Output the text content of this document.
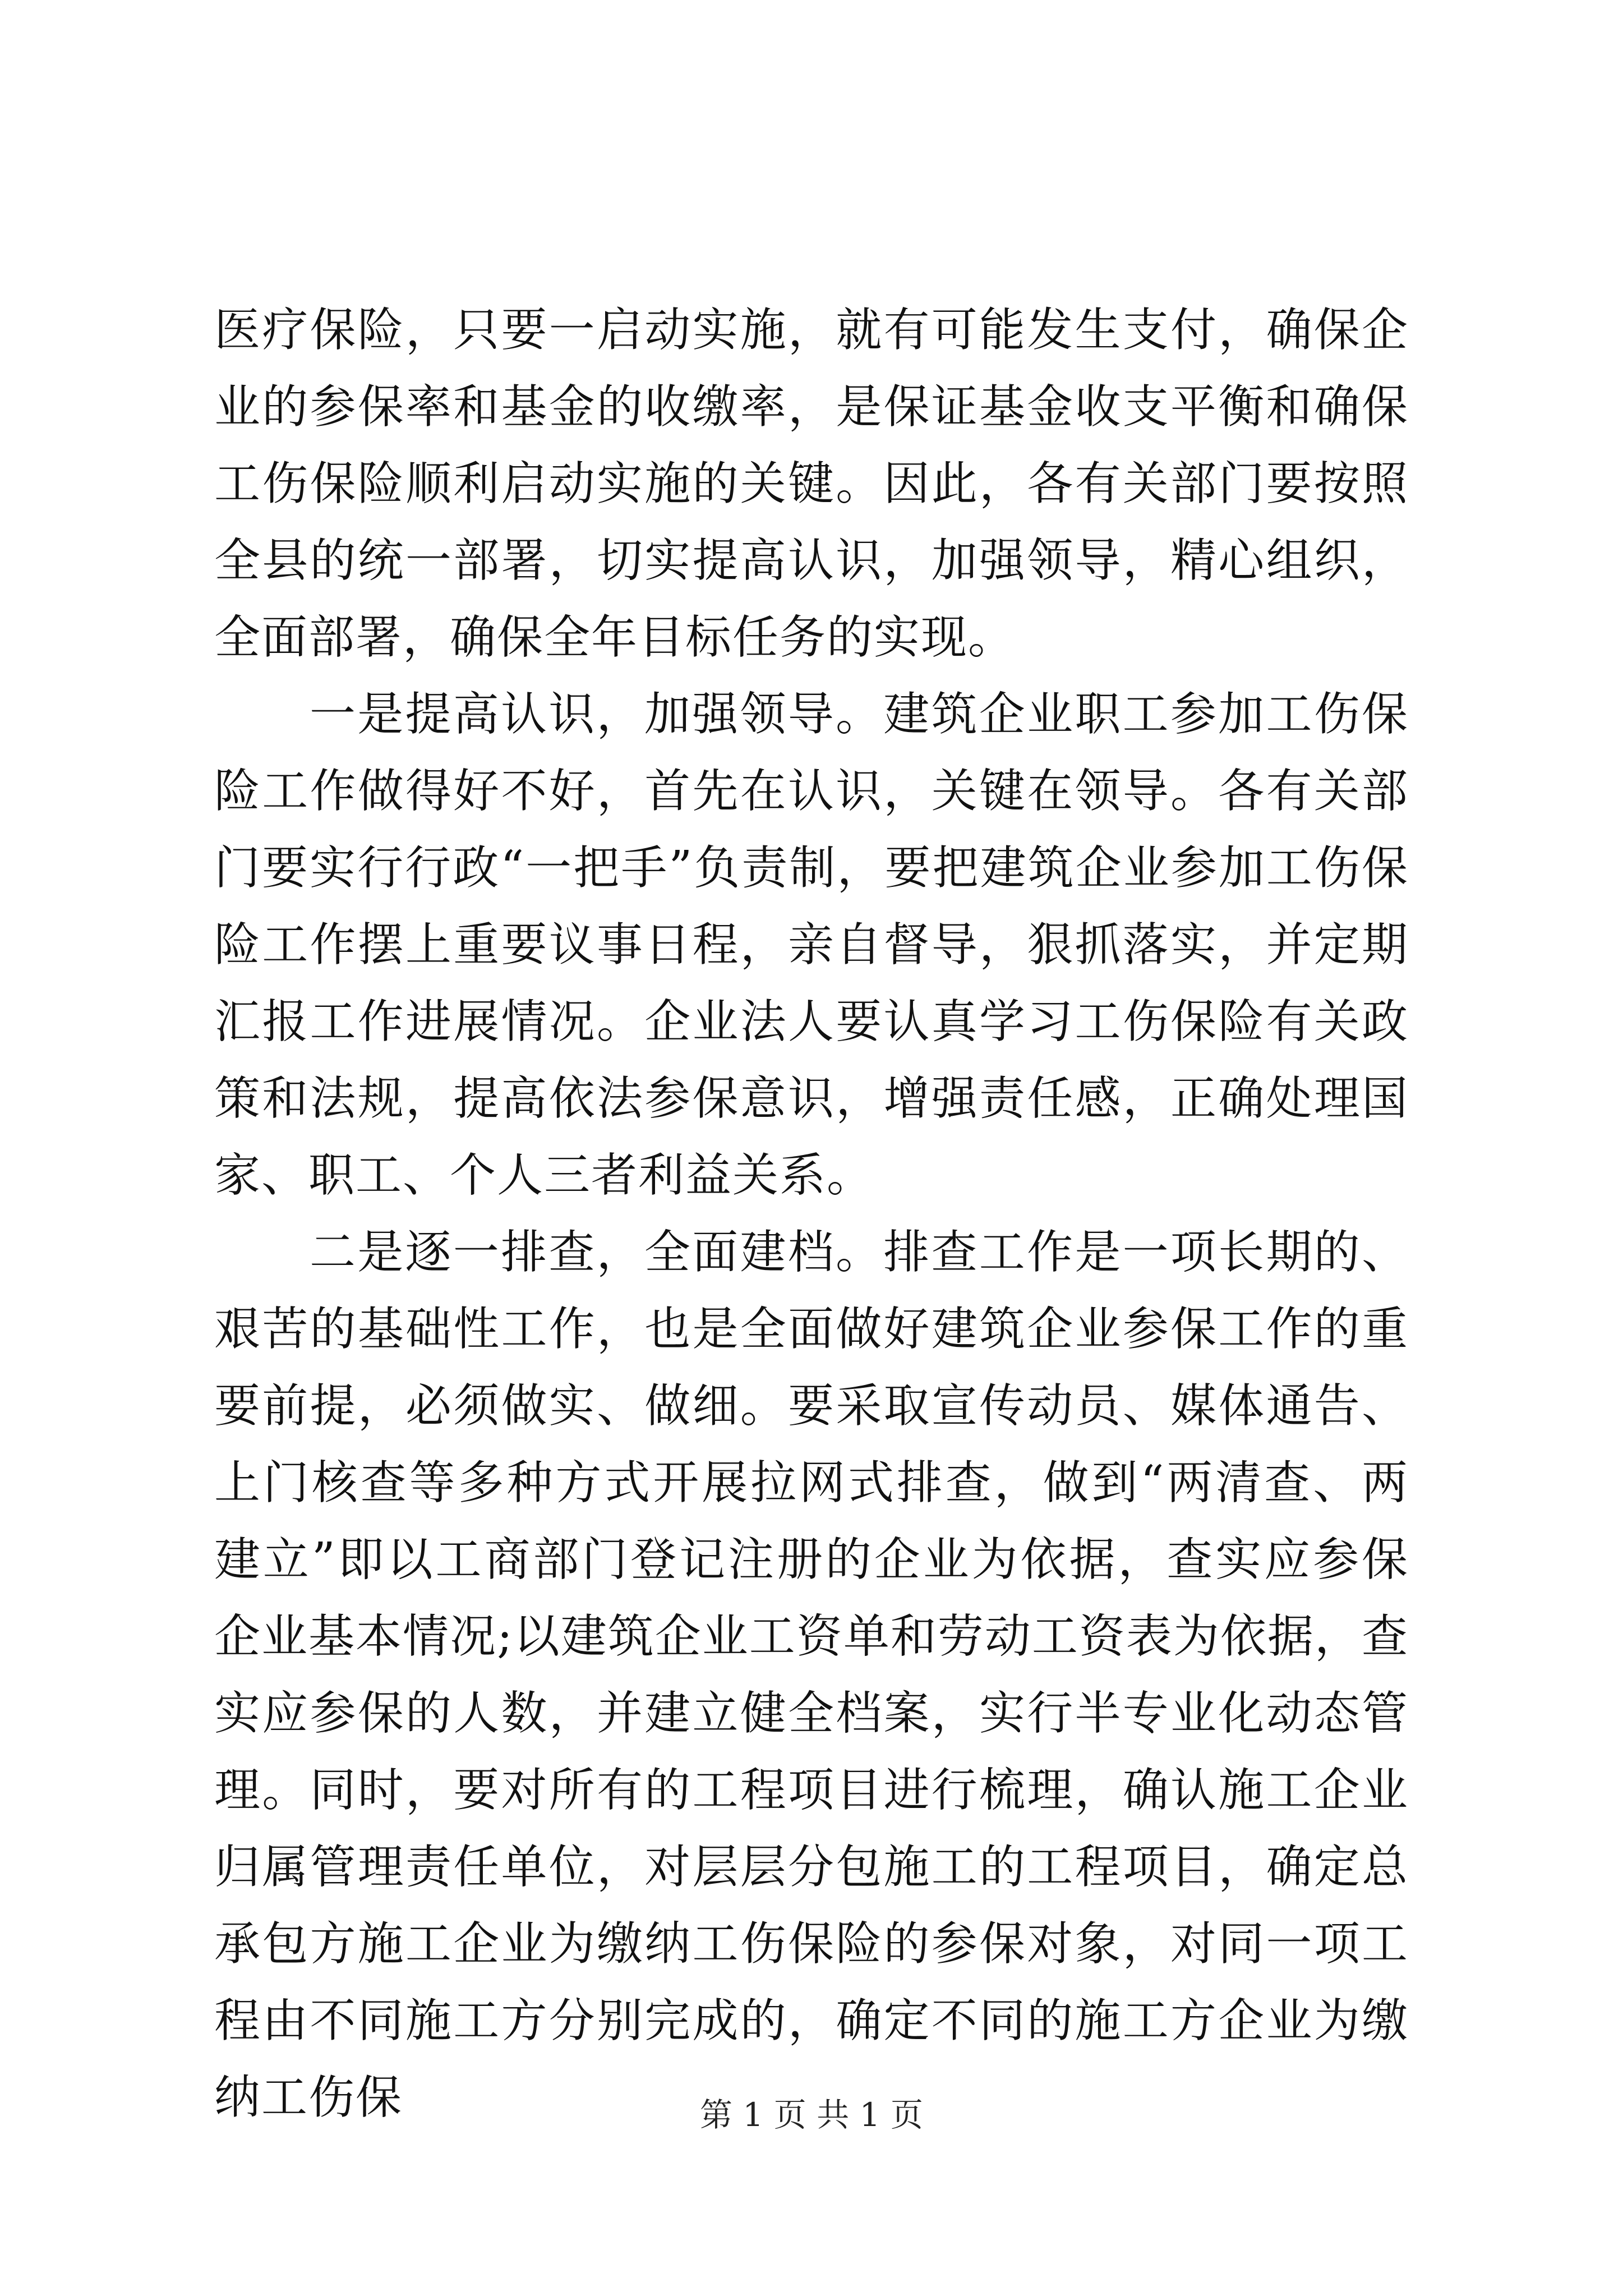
医疗保险，只要一启动实施，就有可能发生支付，确保企业的参保率和基金的收缴率，是保证基金收支平衡和确保工伤保险顺利启动实施的关键。因此，各有关部门要按照全县的统一部署，切实提高认识，加强领导，精心组织，全面部署，确保全年目标任务的实现。

一是提高认识，加强领导。建筑企业职工参加工伤保险工作做得好不好，首先在认识，关键在领导。各有关部门要实行行政“一把手”负责制，要把建筑企业参加工伤保险工作摆上重要议事日程，亲自督导，狠抓落实，并定期汇报工作进展情况。企业法人要认真学习工伤保险有关政策和法规，提高依法参保意识，增强责任感，正确处理国家、职工、个人三者利益关系。

二是逐一排查，全面建档。排查工作是一项长期的、艰苦的基础性工作，也是全面做好建筑企业参保工作的重要前提，必须做实、做细。要采取宣传动员、媒体通告、上门核查等多种方式开展拉网式排查，做到“两清查、两建立”即以工商部门登记注册的企业为依据，查实应参保企业基本情况;以建筑企业工资单和劳动工资表为依据，查实应参保的人数，并建立健全档案，实行半专业化动态管理。同时，要对所有的工程项目进行梳理，确认施工企业归属管理责任单位，对层层分包施工的工程项目，确定总承包方施工企业为缴纳工伤保险的参保对象，对同一项工程由不同施工方分别完成的，确定不同的施工方企业为缴纳工伤保	第 1 页 共 1 页
